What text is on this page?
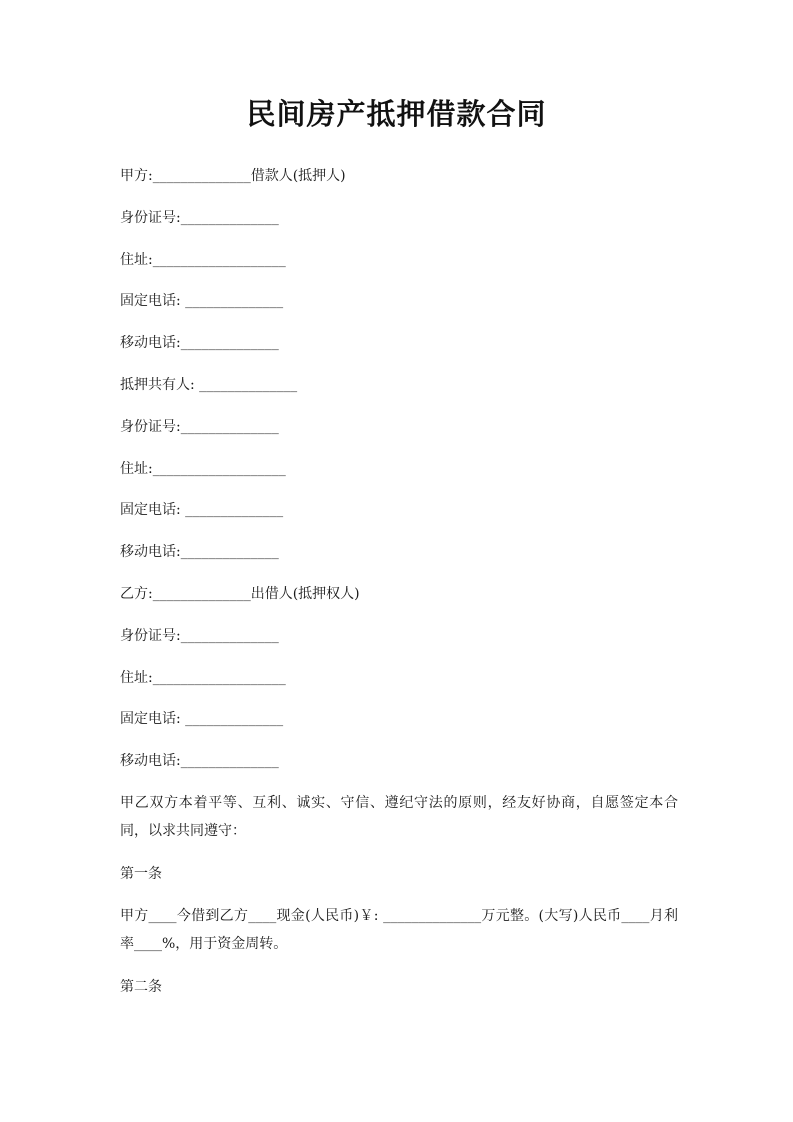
民间房产抵押借款合同
甲方:______________借款人(抵押人)
身份证号:______________
住址:___________________
固定电话: ______________
移动电话:______________
抵押共有人: ______________
身份证号:______________
住址:___________________
固定电话: ______________
移动电话:______________
乙方:______________出借人(抵押权人)
身份证号:______________
住址:___________________
固定电话: ______________
移动电话:______________
甲乙双方本着平等、互利、诚实、守信、遵纪守法的原则，经友好协商，自愿签定本合同，以求共同遵守：
第一条
甲方____今借到乙方____现金(人民币)￥: ______________万元整。(大写)人民币____月利率____%，用于资金周转。
第二条
